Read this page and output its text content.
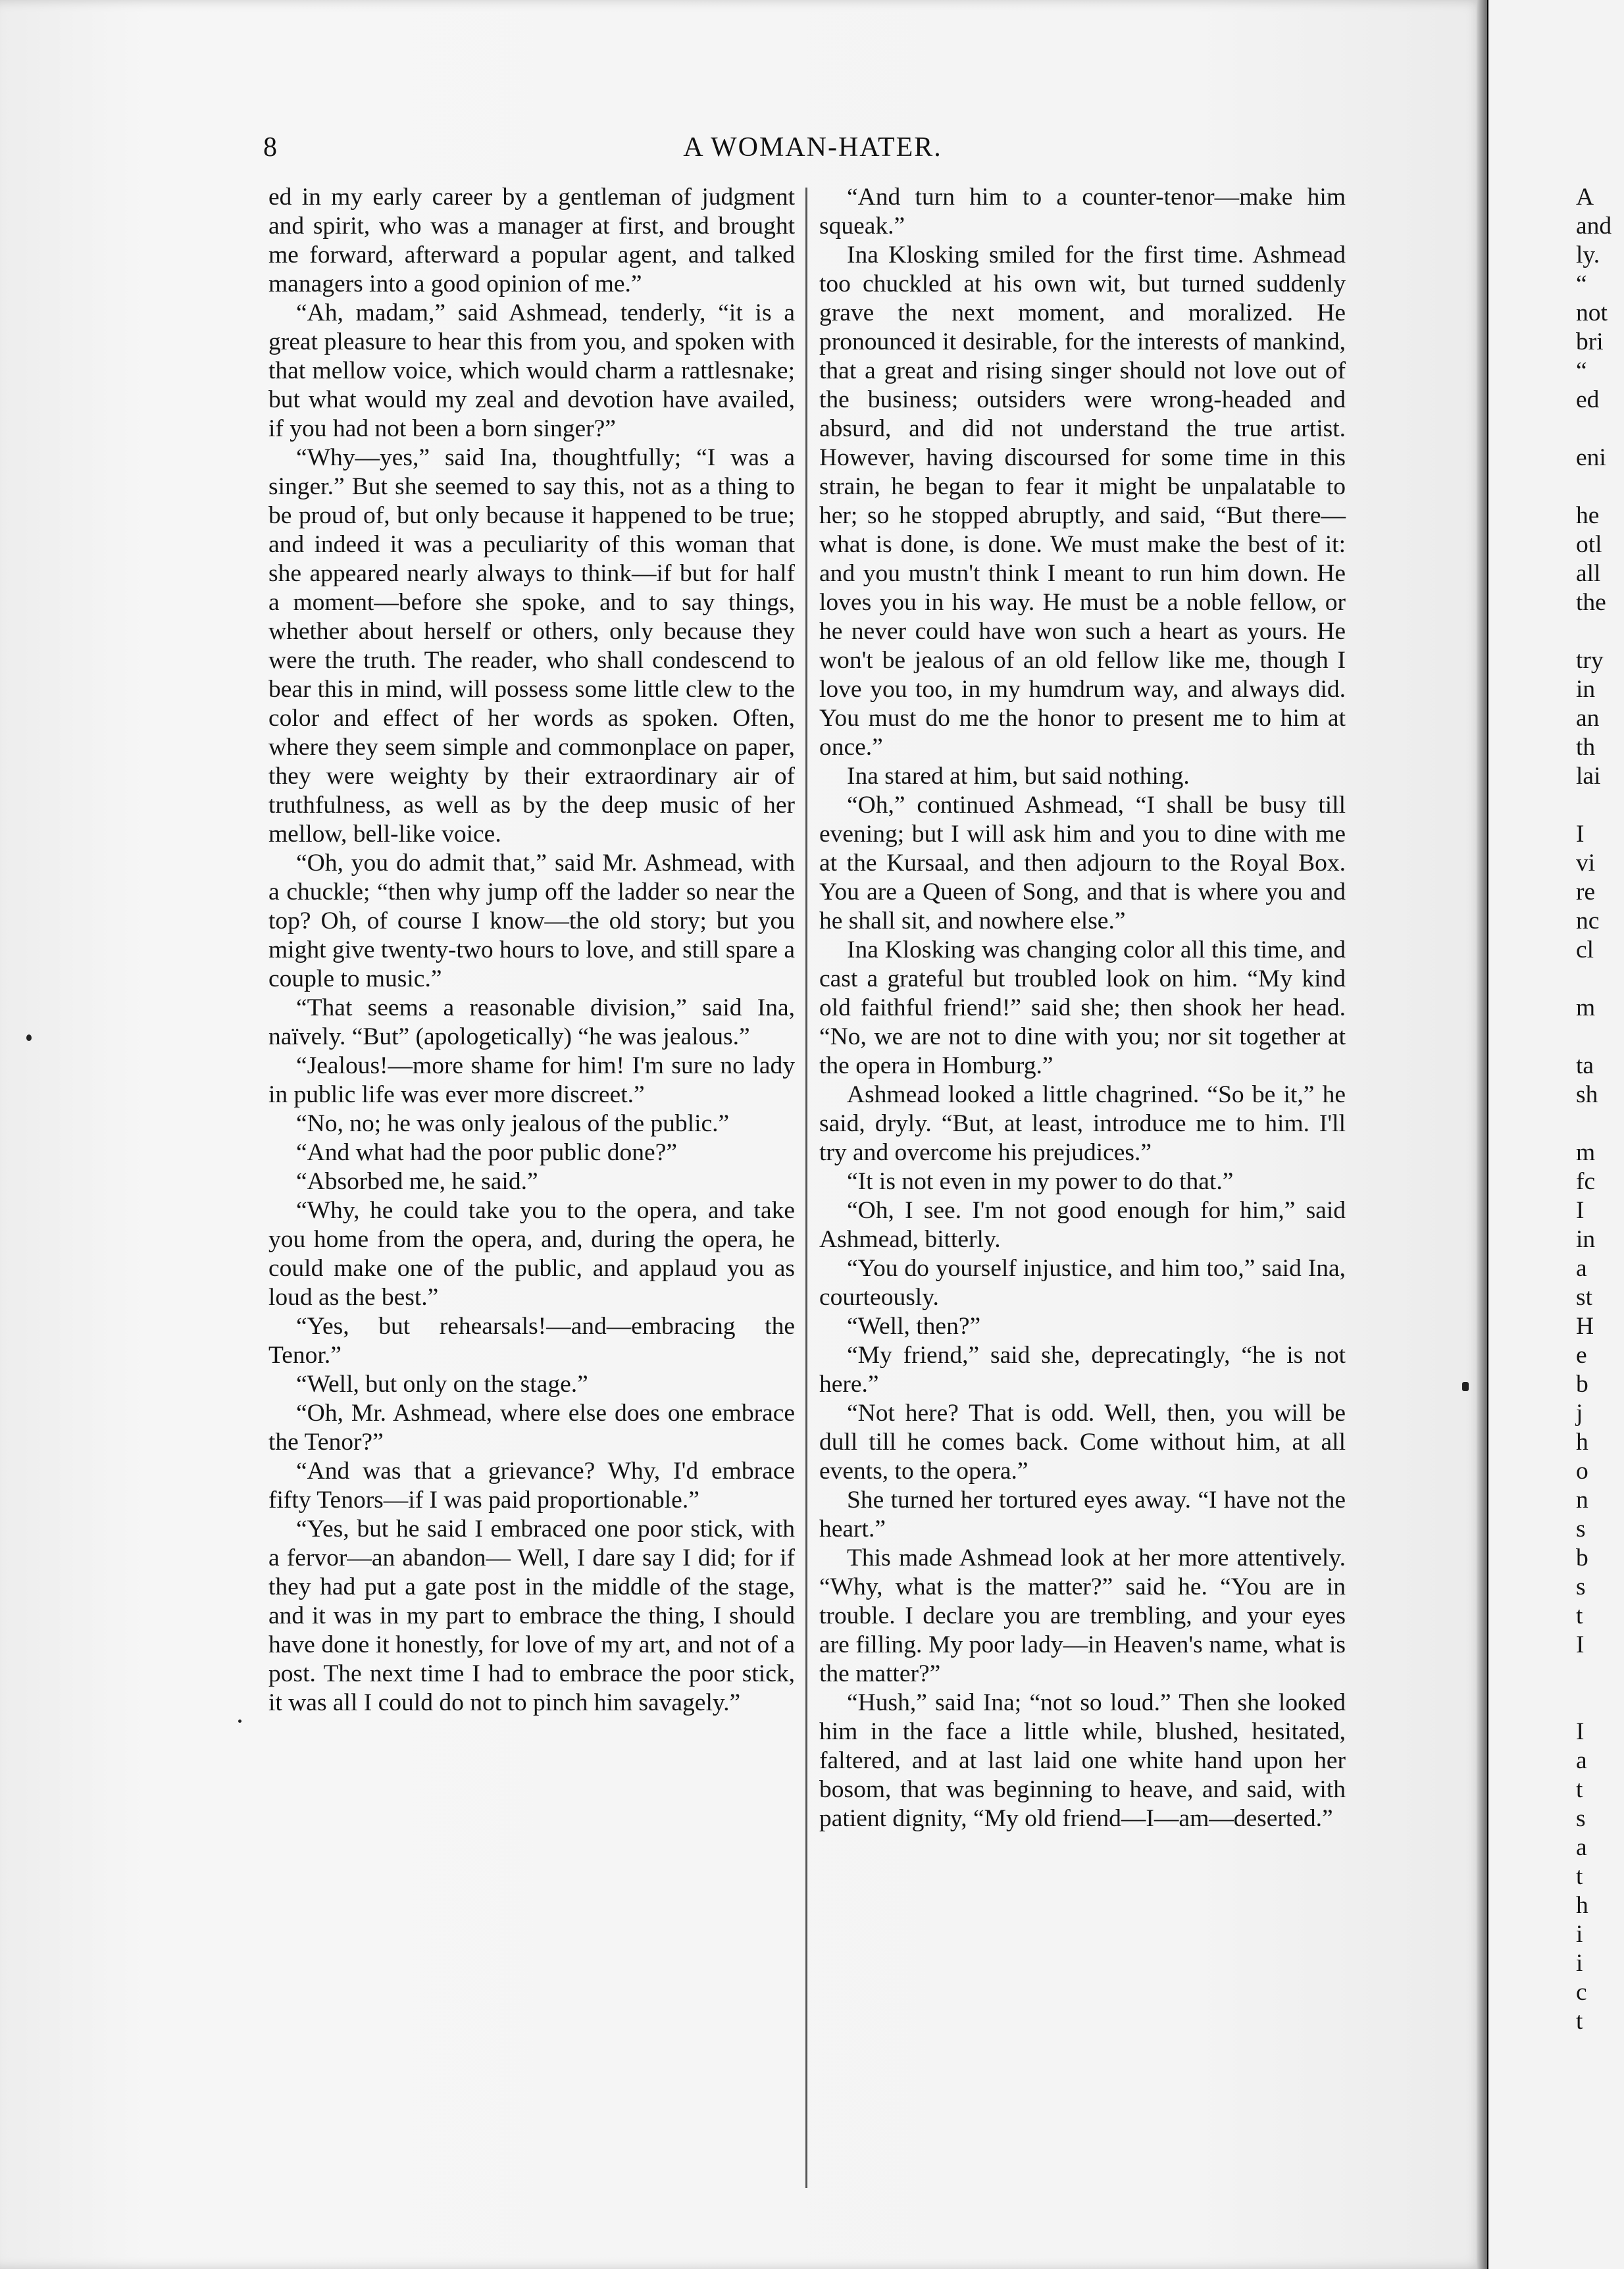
8	A WOMAN-HATER.

ed in my early career by a gentleman of judgment and spirit, who was a manager at first, and brought me forward, afterward a popular agent, and talked managers into a good opinion of me.”

“Ah, madam,” said Ashmead, tenderly, “it is a great pleasure to hear this from you, and spoken with that mellow voice, which would charm a rattlesnake; but what would my zeal and devotion have availed, if you had not been a born singer?”

“Why—yes,” said Ina, thoughtfully; “I was a singer.” But she seemed to say this, not as a thing to be proud of, but only because it happened to be true; and indeed it was a peculiarity of this woman that she appeared nearly always to think—if but for half a moment—before she spoke, and to say things, whether about herself or others, only because they were the truth. The reader, who shall condescend to bear this in mind, will possess some little clew to the color and effect of her words as spoken. Often, where they seem simple and commonplace on paper, they were weighty by their extraordinary air of truthfulness, as well as by the deep music of her mellow, bell-like voice.

“Oh, you do admit that,” said Mr. Ashmead, with a chuckle; “then why jump off the ladder so near the top? Oh, of course I know—the old story; but you might give twenty-two hours to love, and still spare a couple to music.”

“That seems a reasonable division,” said Ina, naïvely. “But” (apologetically) “he was jealous.”

“Jealous!—more shame for him! I'm sure no lady in public life was ever more discreet.”

“No, no; he was only jealous of the public.”

“And what had the poor public done?”

“Absorbed me, he said.”

“Why, he could take you to the opera, and take you home from the opera, and, during the opera, he could make one of the public, and applaud you as loud as the best.”

“Yes, but rehearsals!—and—embracing the Tenor.”

“Well, but only on the stage.”

“Oh, Mr. Ashmead, where else does one embrace the Tenor?”

“And was that a grievance? Why, I'd embrace fifty Tenors—if I was paid proportionable.”

“Yes, but he said I embraced one poor stick, with a fervor—an abandon— Well, I dare say I did; for if they had put a gate post in the middle of the stage, and it was in my part to embrace the thing, I should have done it honestly, for love of my art, and not of a post. The next time I had to embrace the poor stick, it was all I could do not to pinch him savagely.”

“And turn him to a counter-tenor—make him squeak.”

Ina Klosking smiled for the first time. Ashmead too chuckled at his own wit, but turned suddenly grave the next moment, and moralized. He pronounced it desirable, for the interests of mankind, that a great and rising singer should not love out of the business; outsiders were wrong-headed and absurd, and did not understand the true artist. However, having discoursed for some time in this strain, he began to fear it might be unpalatable to her; so he stopped abruptly, and said, “But there—what is done, is done. We must make the best of it: and you mustn't think I meant to run him down. He loves you in his way. He must be a noble fellow, or he never could have won such a heart as yours. He won't be jealous of an old fellow like me, though I love you too, in my humdrum way, and always did. You must do me the honor to present me to him at once.”

Ina stared at him, but said nothing.

“Oh,” continued Ashmead, “I shall be busy till evening; but I will ask him and you to dine with me at the Kursaal, and then adjourn to the Royal Box. You are a Queen of Song, and that is where you and he shall sit, and nowhere else.”

Ina Klosking was changing color all this time, and cast a grateful but troubled look on him. “My kind old faithful friend!” said she; then shook her head. “No, we are not to dine with you; nor sit together at the opera in Homburg.”

Ashmead looked a little chagrined. “So be it,” he said, dryly. “But, at least, introduce me to him. I'll try and overcome his prejudices.”

“It is not even in my power to do that.”

“Oh, I see. I'm not good enough for him,” said Ashmead, bitterly.

“You do yourself injustice, and him too,” said Ina, courteously.

“Well, then?”

“My friend,” said she, deprecatingly, “he is not here.”

“Not here? That is odd. Well, then, you will be dull till he comes back. Come without him, at all events, to the opera.”

She turned her tortured eyes away. “I have not the heart.”

This made Ashmead look at her more attentively. “Why, what is the matter?” said he. “You are in trouble. I declare you are trembling, and your eyes are filling. My poor lady—in Heaven's name, what is the matter?”

“Hush,” said Ina; “not so loud.” Then she looked him in the face a little while, blushed, hesitated, faltered, and at last laid one white hand upon her bosom, that was beginning to heave, and said, with patient dignity, “My old friend—I—am—deserted.”

A
and
ly.
“
not
bri
“
ed
eni
he
otl
all
the
try
in
an
th
lai
I
vi
re
nc
cl
m
ta
sh
m
fc
I
in
a
st
H
e
b
j
h
o
n
s
b
s
t
I
I
a
t
s
a
t
h
i
i
c
t
